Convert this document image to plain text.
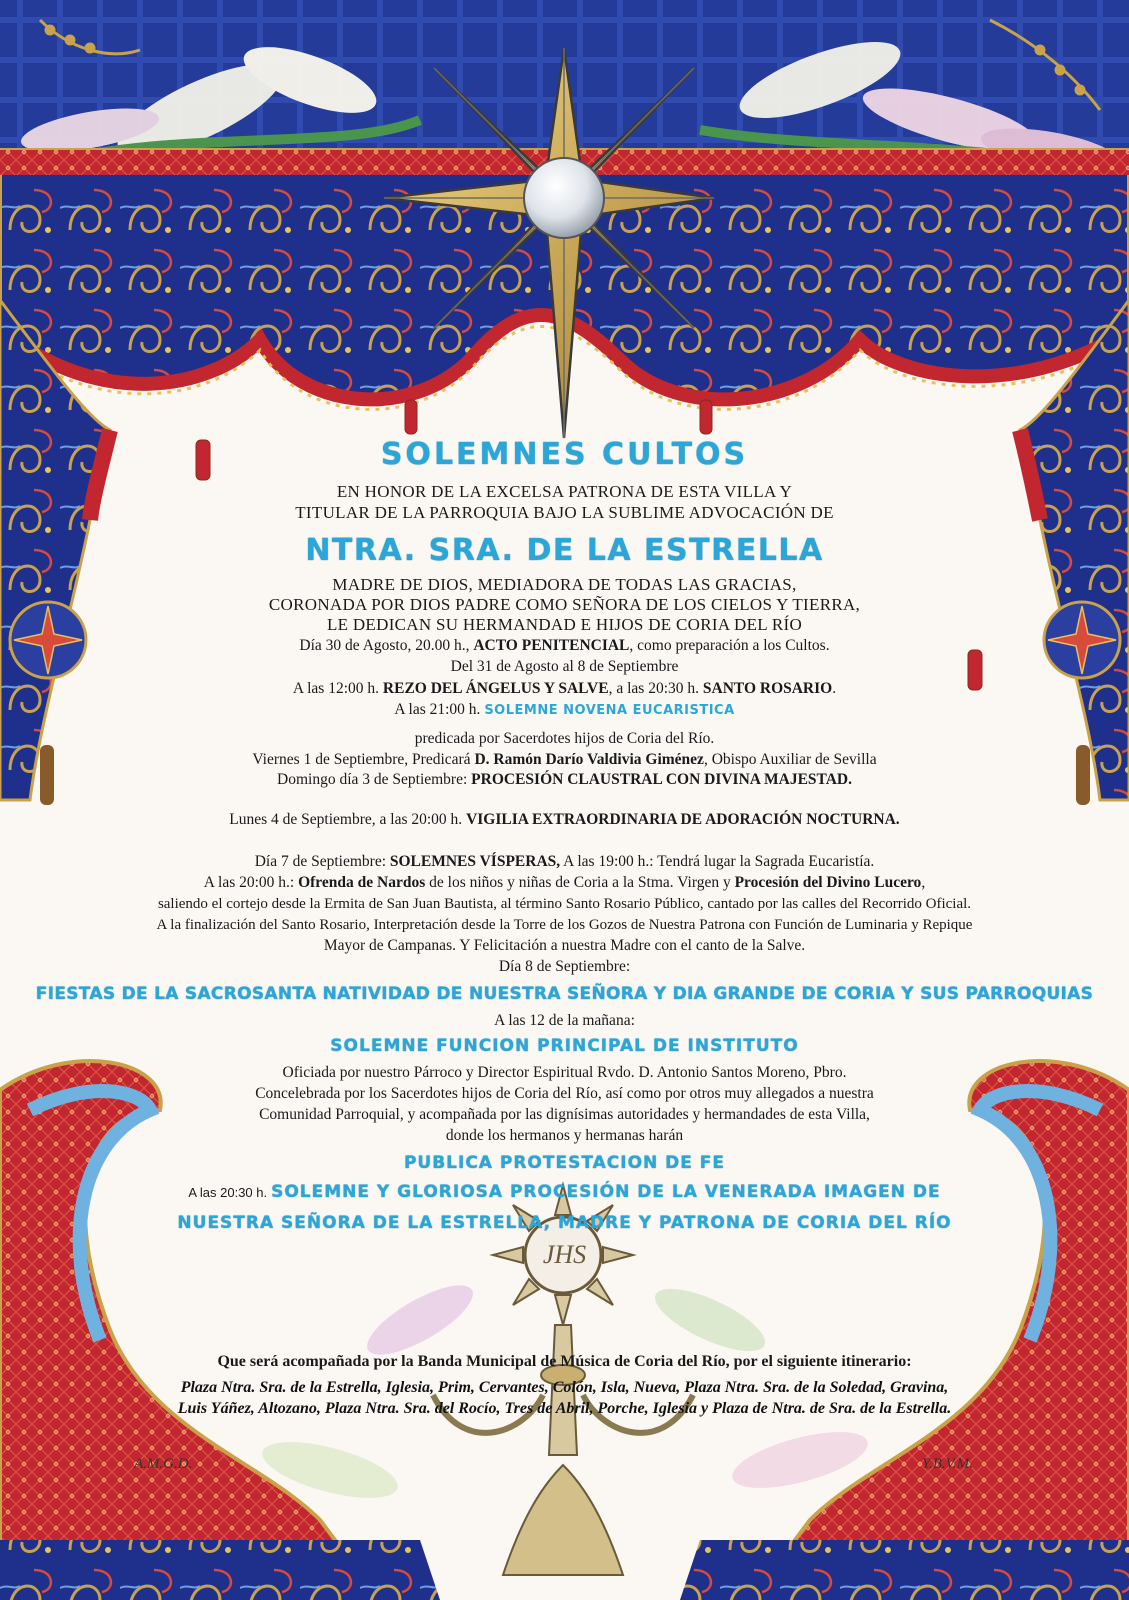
JHS
SOLEMNES CULTOS
EN HONOR DE LA EXCELSA PATRONA DE ESTA VILLA Y
TITULAR DE LA PARROQUIA BAJO LA SUBLIME ADVOCACIÓN DE
NTRA. SRA. DE LA ESTRELLA
MADRE DE DIOS, MEDIADORA DE TODAS LAS GRACIAS,
CORONADA POR DIOS PADRE COMO SEÑORA DE LOS CIELOS Y TIERRA,
LE DEDICAN SU HERMANDAD E HIJOS DE CORIA DEL RÍO
Día 30 de Agosto, 20.00 h., ACTO PENITENCIAL, como preparación a los Cultos.
Del 31 de Agosto al 8 de Septiembre
A las 12:00 h. REZO DEL ÁNGELUS Y SALVE, a las 20:30 h. SANTO ROSARIO.
A las 21:00 h. SOLEMNE NOVENA EUCARISTICA
predicada por Sacerdotes hijos de Coria del Río.
Viernes 1 de Septiembre, Predicará D. Ramón Darío Valdivia Giménez, Obispo Auxiliar de Sevilla
Domingo día 3 de Septiembre: PROCESIÓN CLAUSTRAL CON DIVINA MAJESTAD.
Lunes 4 de Septiembre, a las 20:00 h. VIGILIA EXTRAORDINARIA DE ADORACIÓN NOCTURNA.
Día 7 de Septiembre: SOLEMNES VÍSPERAS, A las 19:00 h.: Tendrá lugar la Sagrada Eucaristía.
A las 20:00 h.: Ofrenda de Nardos de los niños y niñas de Coria a la Stma. Virgen y Procesión del Divino Lucero,
saliendo el cortejo desde la Ermita de San Juan Bautista, al término Santo Rosario Público, cantado por las calles del Recorrido Oficial.
A la finalización del Santo Rosario, Interpretación desde la Torre de los Gozos de Nuestra Patrona con Función de Luminaria y Repique
Mayor de Campanas. Y Felicitación a nuestra Madre con el canto de la Salve.
Día 8 de Septiembre:
FIESTAS DE LA SACROSANTA NATIVIDAD DE NUESTRA SEÑORA Y DIA GRANDE DE CORIA Y SUS PARROQUIAS
A las 12 de la mañana:
SOLEMNE FUNCION PRINCIPAL DE INSTITUTO
Oficiada por nuestro Párroco y Director Espiritual Rvdo. D. Antonio Santos Moreno, Pbro.
Concelebrada por los Sacerdotes hijos de Coria del Río, así como por otros muy allegados a nuestra
Comunidad Parroquial, y acompañada por las dignísimas autoridades y hermandades de esta Villa,
donde los hermanos y hermanas harán
PUBLICA PROTESTACION DE FE
A las 20:30 h. SOLEMNE Y GLORIOSA PROCESIÓN DE LA VENERADA IMAGEN DE
NUESTRA SEÑORA DE LA ESTRELLA, MADRE Y PATRONA DE CORIA DEL RÍO
Que será acompañada por la Banda Municipal de Música de Coria del Río, por el siguiente itinerario:
Plaza Ntra. Sra. de la Estrella, Iglesia, Prim, Cervantes, Colón, Isla, Nueva, Plaza Ntra. Sra. de la Soledad, Gravina,
Luis Yáñez, Altozano, Plaza Ntra. Sra. del Rocío, Tres de Abril, Porche, Iglesia y Plaza de Ntra. de Sra. de la Estrella.
A.M.G.D.	Y.B.V.M.
